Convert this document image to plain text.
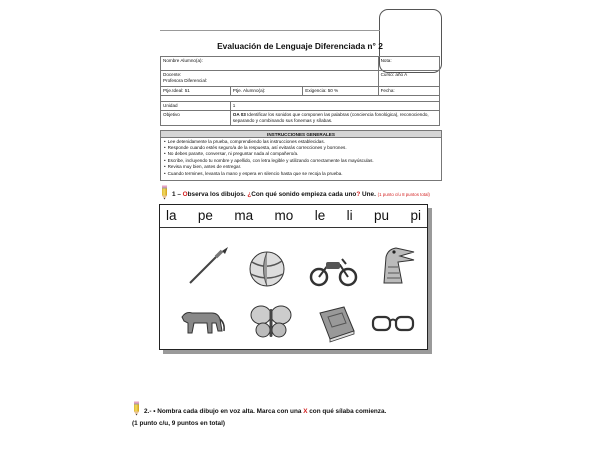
Evaluación de Lenguaje Diferenciada n° 2
Nombre Alumno(a):			Nota:

Docente:
Profesora Diferencial:			Curso: año A
Ptje.Ideal: 51	Ptje. Alumno(a):	Exigencia: 50 %	Fecha:

Unidad	1		
Objetivo	OA 03 Identificar los sonidos que componen las palabras (conciencia fonológica), reconociendo, separando y combinando sus fonemas y sílabas.		
INSTRUCCIONES GENERALES
• Lee detenidamente la prueba, comprendiendo las instrucciones establecidas.
• Responde cuando estés seguro/a de la respuesta, así evitarás correcciones y borrones.
• No debes pararte, conversar, ni preguntar nada al compañero/a.
• Escribe, incluyendo tu nombre y apellido, con letra legible y utilizando correctamente las mayúsculas.
• Revisa muy bien, antes de entregar.
• Cuando termines, levanta la mano y espera en silencio hasta que se recoja la prueba.
1 – Observa los dibujos. ¿Con qué sonido empieza cada uno? Une. (1 punto c/u 8 puntos total)
la pe ma mo le li pu pi
2.- • Nombra cada dibujo en voz alta. Marca con una X con qué sílaba comienza.
(1 punto c/u, 9 puntos en total)
